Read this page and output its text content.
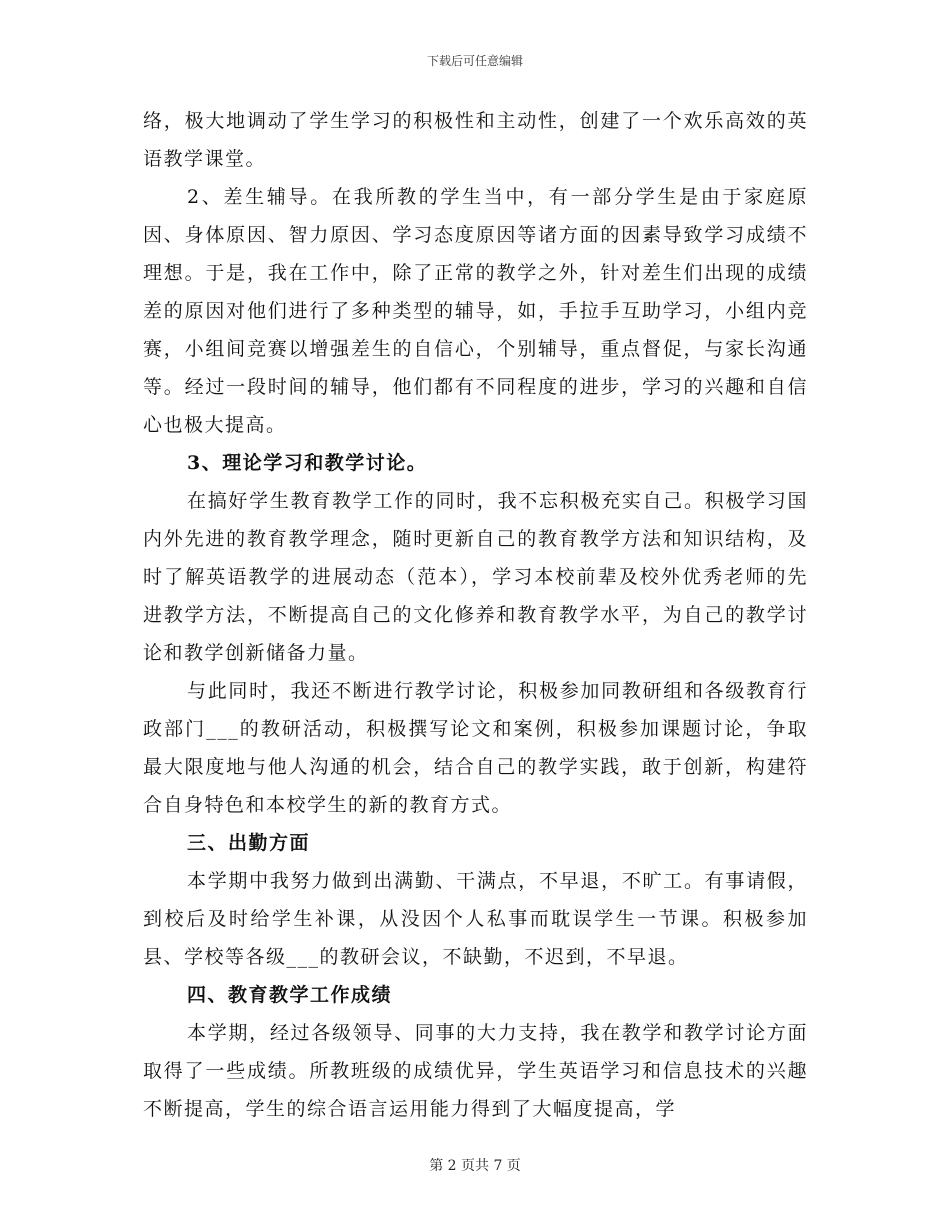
下载后可任意编辑

络，极大地调动了学生学习的积极性和主动性，创建了一个欢乐高效的英语教学课堂。

2、差生辅导。在我所教的学生当中，有一部分学生是由于家庭原因、身体原因、智力原因、学习态度原因等诸方面的因素导致学习成绩不理想。于是，我在工作中，除了正常的教学之外，针对差生们出现的成绩差的原因对他们进行了多种类型的辅导，如，手拉手互助学习，小组内竞赛，小组间竞赛以增强差生的自信心，个别辅导，重点督促，与家长沟通等。经过一段时间的辅导，他们都有不同程度的进步，学习的兴趣和自信心也极大提高。

3、理论学习和教学讨论。

在搞好学生教育教学工作的同时，我不忘积极充实自己。积极学习国内外先进的教育教学理念，随时更新自己的教育教学方法和知识结构，及时了解英语教学的进展动态（范本），学习本校前辈及校外优秀老师的先进教学方法，不断提高自己的文化修养和教育教学水平，为自己的教学讨论和教学创新储备力量。

与此同时，我还不断进行教学讨论，积极参加同教研组和各级教育行政部门___的教研活动，积极撰写论文和案例，积极参加课题讨论，争取最大限度地与他人沟通的机会，结合自己的教学实践，敢于创新，构建符合自身特色和本校学生的新的教育方式。

三、出勤方面

本学期中我努力做到出满勤、干满点，不早退，不旷工。有事请假，到校后及时给学生补课，从没因个人私事而耽误学生一节课。积极参加县、学校等各级___的教研会议，不缺勤，不迟到，不早退。

四、教育教学工作成绩

本学期，经过各级领导、同事的大力支持，我在教学和教学讨论方面取得了一些成绩。所教班级的成绩优异，学生英语学习和信息技术的兴趣不断提高，学生的综合语言运用能力得到了大幅度提高，学

第 2 页共 7 页
